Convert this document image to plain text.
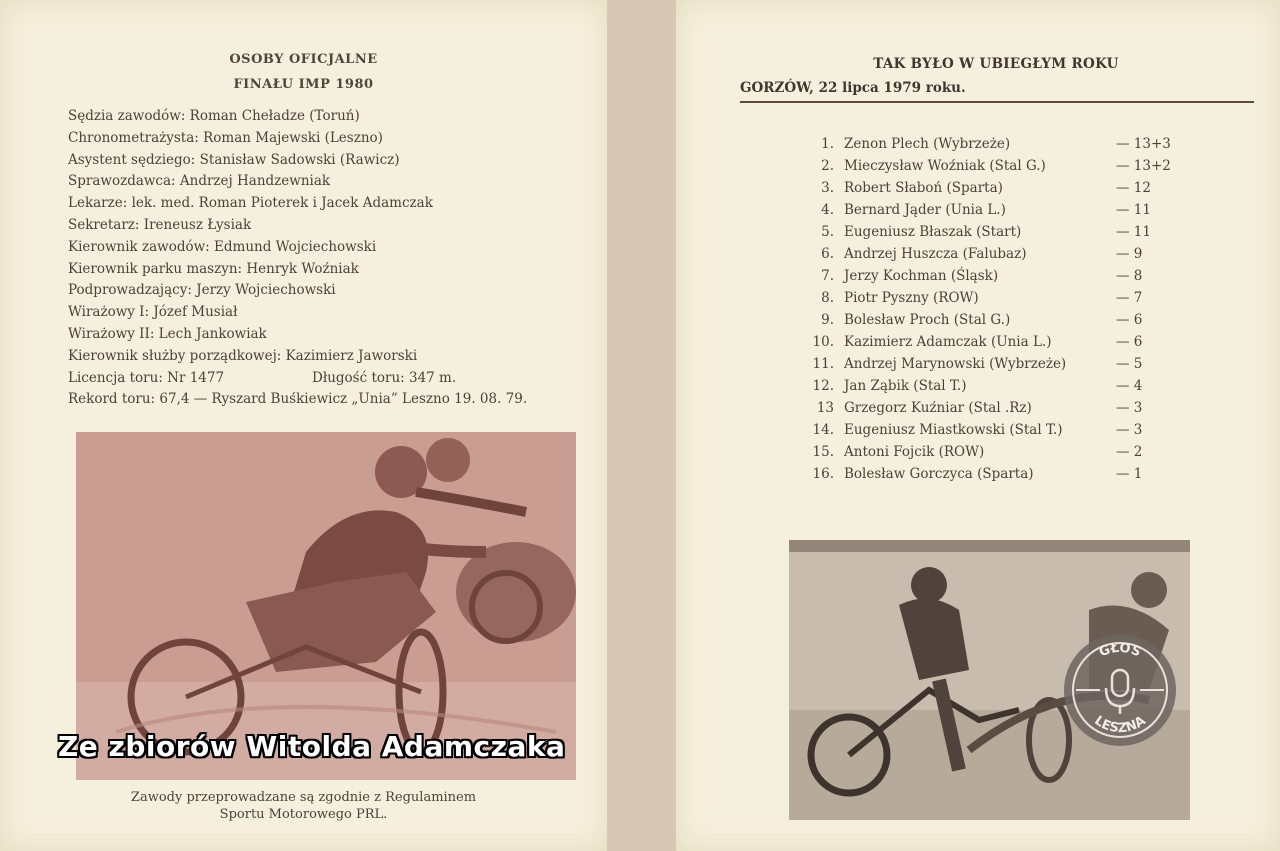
OSOBY OFICJALNE
FINAŁU IMP 1980
Sędzia zawodów: Roman Cheładze (Toruń)
Chronometrażysta: Roman Majewski (Leszno)
Asystent sędziego: Stanisław Sadowski (Rawicz)
Sprawozdawca: Andrzej Handzewniak
Lekarze: lek. med. Roman Pioterek i Jacek Adamczak
Sekretarz: Ireneusz Łysiak
Kierownik zawodów: Edmund Wojciechowski
Kierownik parku maszyn: Henryk Woźniak
Podprowadzający: Jerzy Wojciechowski
Wirażowy I: Józef Musiał
Wirażowy II: Lech Jankowiak
Kierownik służby porządkowej: Kazimierz Jaworski
Licencja toru: Nr 1477	Długość toru: 347 m.
Rekord toru: 67,4 — Ryszard Buśkiewicz „Unia” Leszno 19. 08. 79.
Ze zbiorów Witolda Adamczaka
Zawody przeprowadzane są zgodnie z Regulaminem
Sportu Motorowego PRL.
TAK BYŁO W UBIEGŁYM ROKU
GORZÓW, 22 lipca 1979 roku.
1. Zenon Plech (Wybrzeże)	— 13+3
2. Mieczysław Woźniak (Stal G.)	— 13+2
3. Robert Słaboń (Sparta)	— 12
4. Bernard Jąder (Unia L.)	— 11
5. Eugeniusz Błaszak (Start)	— 11
6. Andrzej Huszcza (Falubaz)	— 9
7. Jerzy Kochman (Śląsk)	— 8
8. Piotr Pyszny (ROW)	— 7
9. Bolesław Proch (Stal G.)	— 6
10. Kazimierz Adamczak (Unia L.)	— 6
11. Andrzej Marynowski (Wybrzeże)	— 5
12. Jan Ząbik (Stal T.)	— 4
13 Grzegorz Kuźniar (Stal .Rz)	— 3
14. Eugeniusz Miastkowski (Stal T.)	— 3
15. Antoni Fojcik (ROW)	— 2
16. Bolesław Gorczyca (Sparta)	— 1
GŁOS
LESZNA
